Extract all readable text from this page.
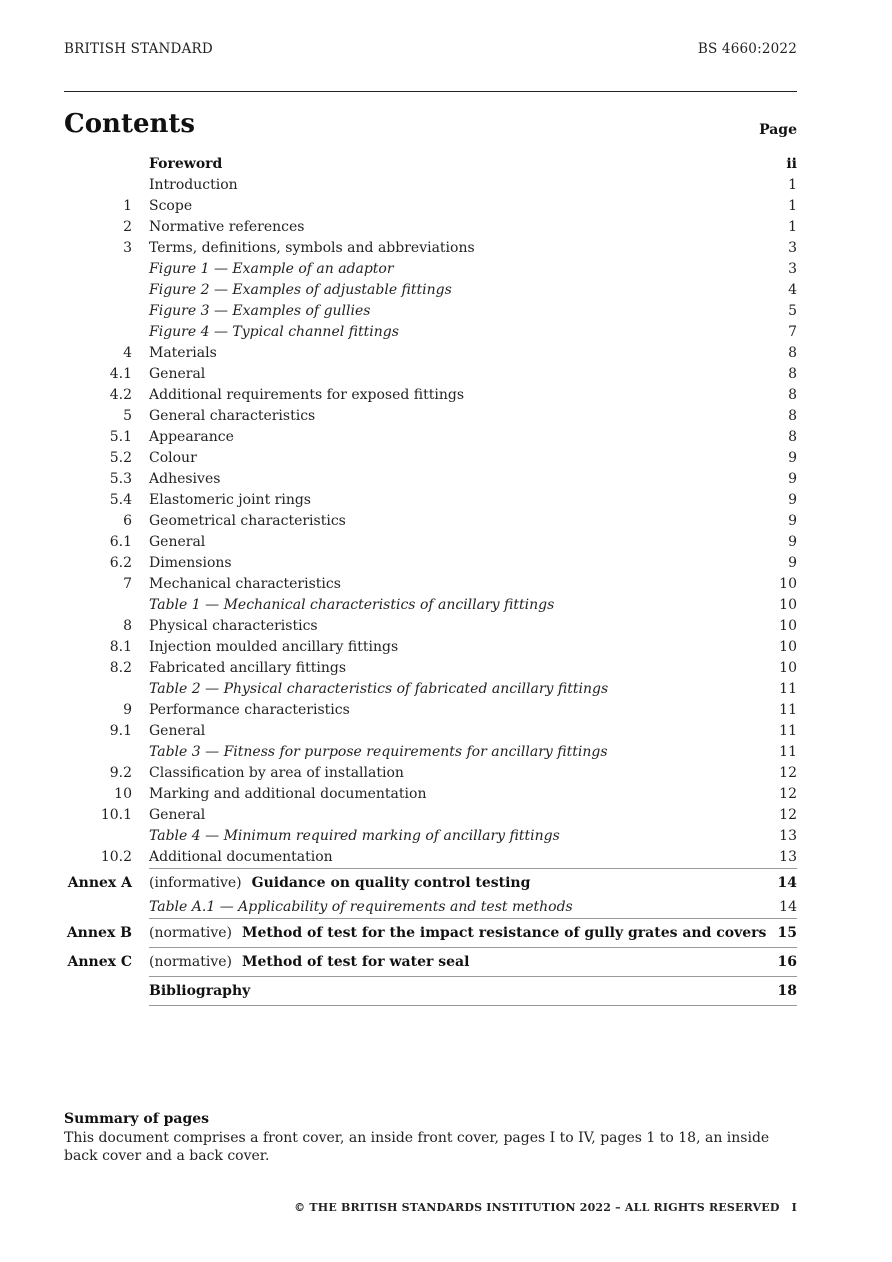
BRITISH STANDARD	BS 4660:2022
Contents	Page
Foreword	ii
Introduction	1
1 Scope	1
2 Normative references	1
3 Terms, definitions, symbols and abbreviations	3
Figure 1 — Example of an adaptor	3
Figure 2 — Examples of adjustable fittings	4
Figure 3 — Examples of gullies	5
Figure 4 — Typical channel fittings	7
4 Materials	8
4.1 General	8
4.2 Additional requirements for exposed fittings	8
5 General characteristics	8
5.1 Appearance	8
5.2 Colour	9
5.3 Adhesives	9
5.4 Elastomeric joint rings	9
6 Geometrical characteristics	9
6.1 General	9
6.2 Dimensions	9
7 Mechanical characteristics	10
Table 1 — Mechanical characteristics of ancillary fittings	10
8 Physical characteristics	10
8.1 Injection moulded ancillary fittings	10
8.2 Fabricated ancillary fittings	10
Table 2 — Physical characteristics of fabricated ancillary fittings	11
9 Performance characteristics	11
9.1 General	11
Table 3 — Fitness for purpose requirements for ancillary fittings	11
9.2 Classification by area of installation	12
10 Marking and additional documentation	12
10.1 General	12
Table 4 — Minimum required marking of ancillary fittings	13
10.2 Additional documentation	13
Annex A (informative) Guidance on quality control testing	14
Table A.1 — Applicability of requirements and test methods	14
Annex B (normative) Method of test for the impact resistance of gully grates and covers 15
Annex C (normative) Method of test for water seal	16
Bibliography	18
Summary of pages
This document comprises a front cover, an inside front cover, pages I to IV, pages 1 to 18, an inside back cover and a back cover.
© THE BRITISH STANDARDS INSTITUTION 2022 – ALL RIGHTS RESERVED I
